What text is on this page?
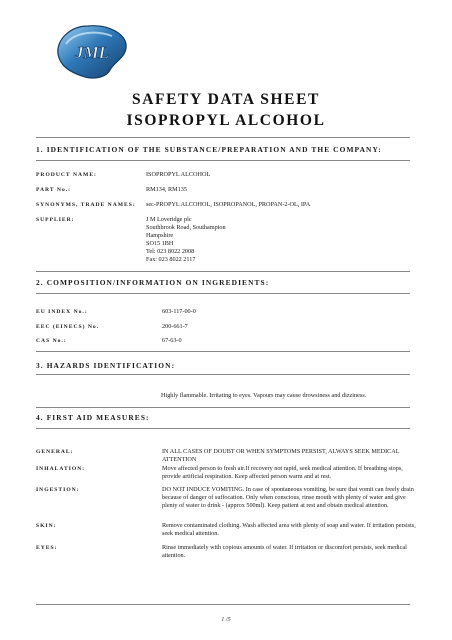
JML
SAFETY DATA SHEET
ISOPROPYL ALCOHOL
1. IDENTIFICATION OF THE SUBSTANCE/PREPARATION AND THE COMPANY:
PRODUCT NAME:	ISOPROPYL ALCOHOL
PART No.:	RM134, RM135
SYNONYMS, TRADE NAMES: sec-PROPYL ALCOHOL, ISOPROPANOL, PROPAN-2-OL, IPA
SUPPLIER:	J M Loveridge plc
Southbrook Road, Southampton
Hampshire
SO15 1BH
Tel: 023 8022 2008
Fax: 023 8022 2117
2. COMPOSITION/INFORMATION ON INGREDIENTS:
EU INDEX No.:	603-117-00-0
EEC (EINECS) No.	200-661-7
CAS No.:	67-63-0
3. HAZARDS IDENTIFICATION:
Highly flammable. Irritating to eyes. Vapours may cause drowsiness and dizziness.
4. FIRST AID MEASURES:
GENERAL:	IN ALL CASES OF DOUBT OR WHEN SYMPTOMS PERSIST, ALWAYS SEEK MEDICAL ATTENTION
INHALATION:	Move affected person to fresh air.If recovery not rapid, seek medical attention. If breathing stops, provide artificial respiration. Keep affected person warm and at rest.
INGESTION:	DO NOT INDUCE VOMITING. In case of spontaneous vomiting, be sure that vomit can freely drain because of danger of suffocation. Only when conscious, rinse mouth with plenty of water and give plenty of water to drink - (approx 500ml). Keep patient at rest and obtain medical attention.
SKIN:	Remove contaminated clothing. Wash affected area with plenty of soap and water. If irritation persists, seek medical attention.
EYES:	Rinse immediately with copious amounts of water. If irritation or discomfort persists, seek medical attention.
1 /5
